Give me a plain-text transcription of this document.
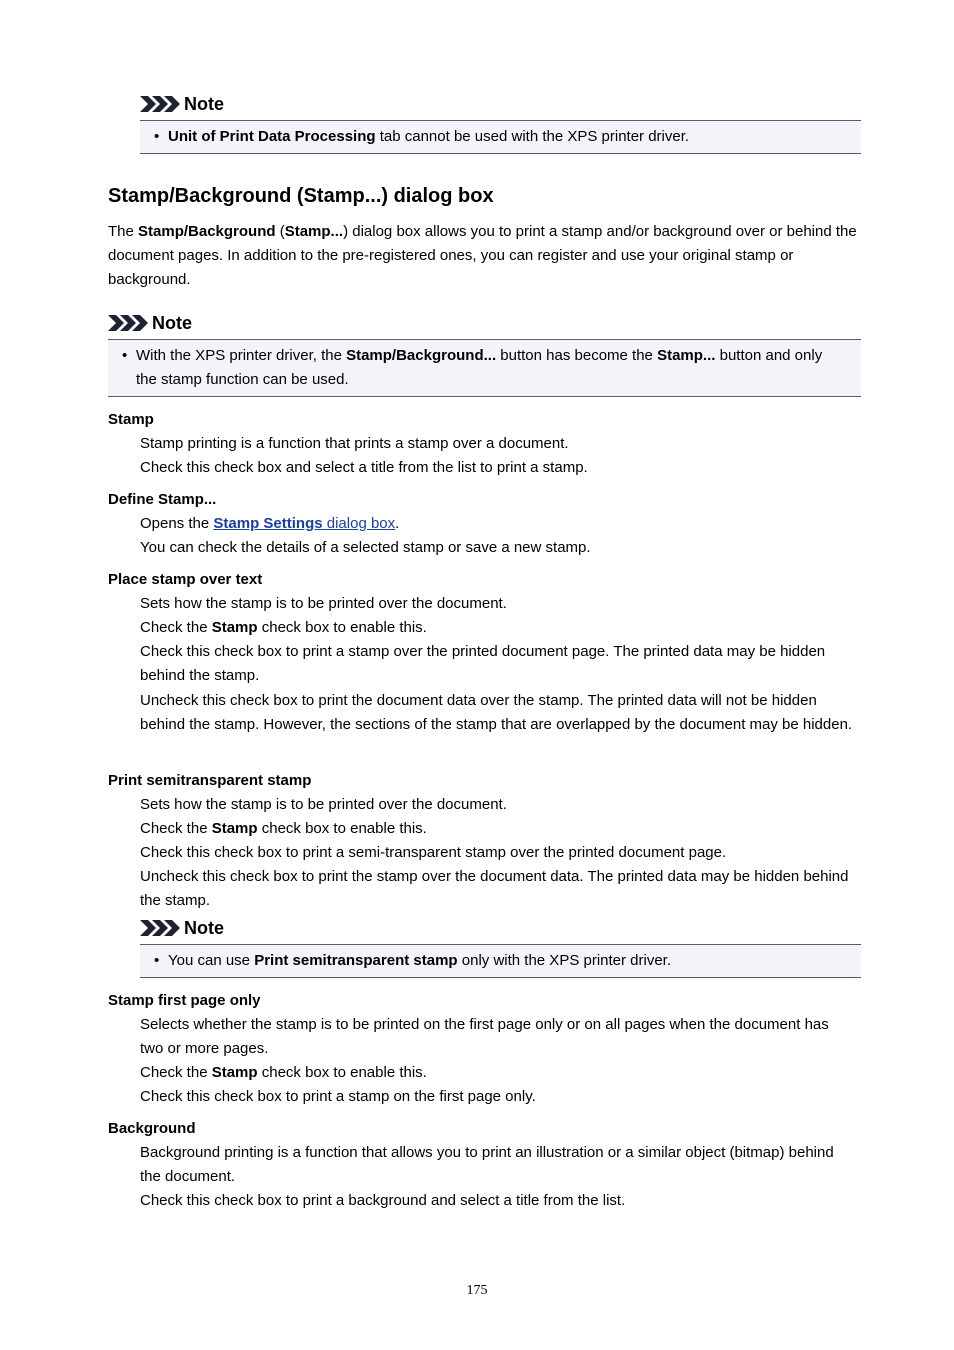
Note
• Unit of Print Data Processing tab cannot be used with the XPS printer driver.
Stamp/Background (Stamp...) dialog box
The Stamp/Background (Stamp...) dialog box allows you to print a stamp and/or background over or behind the document pages. In addition to the pre-registered ones, you can register and use your original stamp or background.
Note
• With the XPS printer driver, the Stamp/Background... button has become the Stamp... button and only the stamp function can be used.
Stamp
Stamp printing is a function that prints a stamp over a document.
Check this check box and select a title from the list to print a stamp.
Define Stamp...
Opens the Stamp Settings dialog box.
You can check the details of a selected stamp or save a new stamp.
Place stamp over text
Sets how the stamp is to be printed over the document.
Check the Stamp check box to enable this.
Check this check box to print a stamp over the printed document page. The printed data may be hidden behind the stamp.
Uncheck this check box to print the document data over the stamp. The printed data will not be hidden behind the stamp. However, the sections of the stamp that are overlapped by the document may be hidden.
Print semitransparent stamp
Sets how the stamp is to be printed over the document.
Check the Stamp check box to enable this.
Check this check box to print a semi-transparent stamp over the printed document page.
Uncheck this check box to print the stamp over the document data. The printed data may be hidden behind the stamp.
Note
• You can use Print semitransparent stamp only with the XPS printer driver.
Stamp first page only
Selects whether the stamp is to be printed on the first page only or on all pages when the document has two or more pages.
Check the Stamp check box to enable this.
Check this check box to print a stamp on the first page only.
Background
Background printing is a function that allows you to print an illustration or a similar object (bitmap) behind the document.
Check this check box to print a background and select a title from the list.
175
